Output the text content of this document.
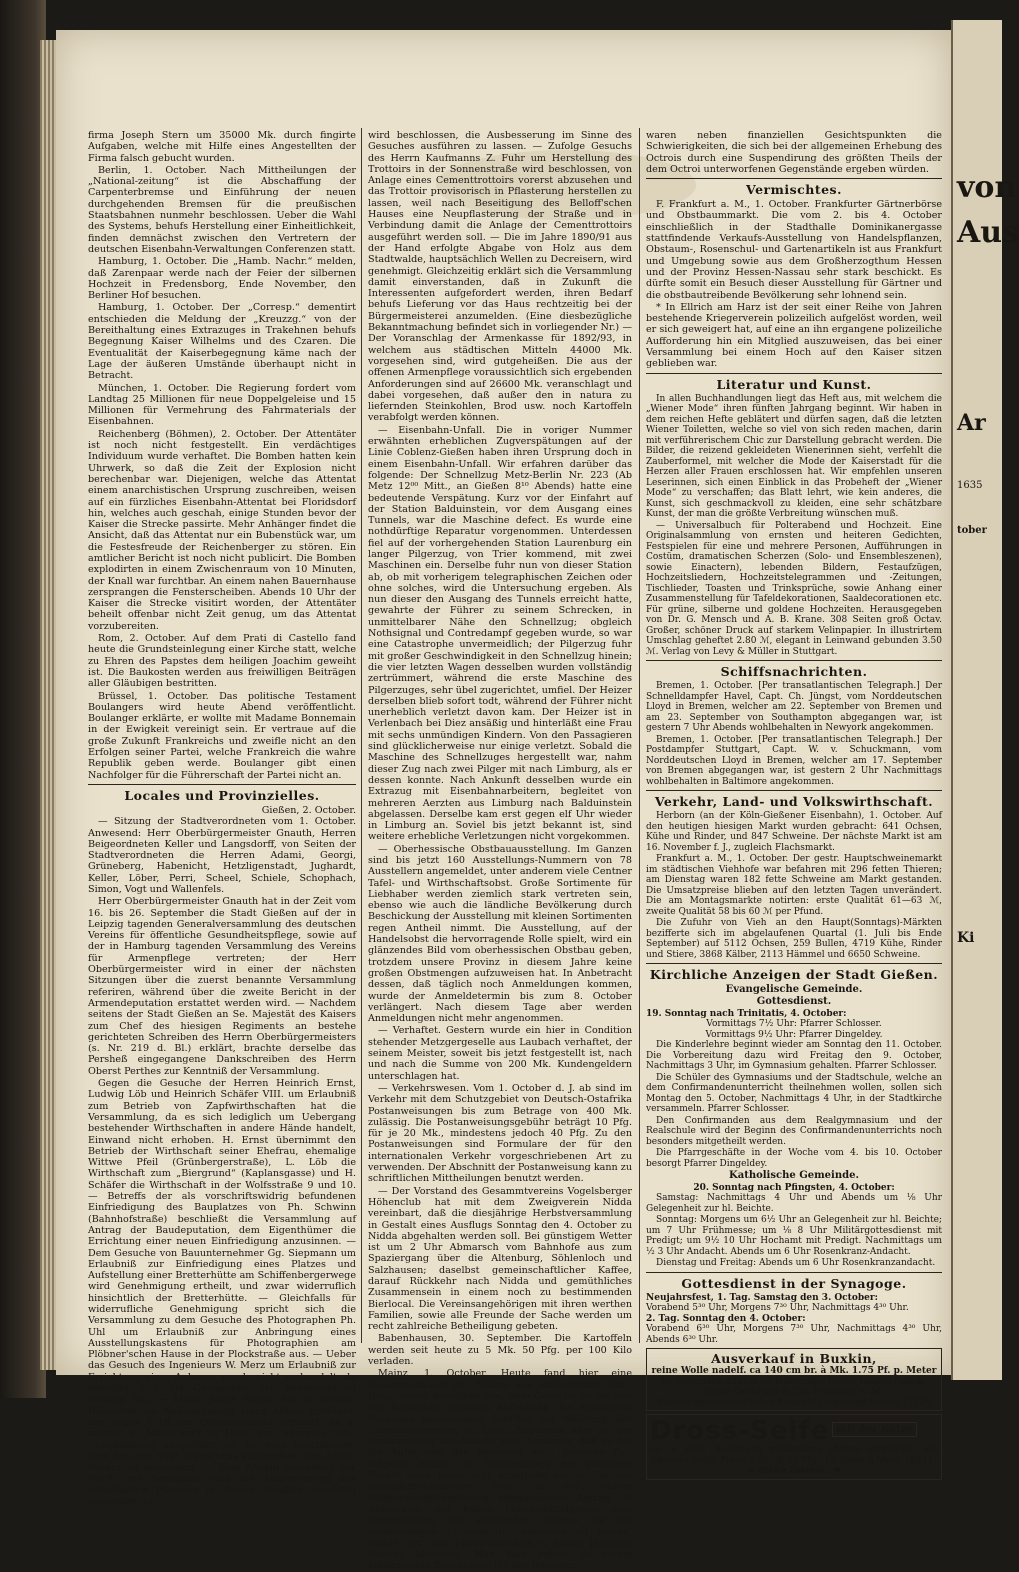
firma Joseph Stern um 35000 Mk. durch fingirte Aufgaben, welche mit Hilfe eines Angestellten der Firma falsch gebucht wurden.

Berlin, 1. October. Nach Mittheilungen der „National-zeitung“ ist die Abschaffung der Carpenterbremse und Einführung der neuen durchgehenden Bremsen für die preußischen Staatsbahnen nunmehr beschlossen. Ueber die Wahl des Systems, behufs Herstellung einer Einheitlichkeit, finden demnächst zwischen den Vertretern der deutschen Eisenbahn-Verwaltungen Conferenzen statt.

Hamburg, 1. October. Die „Hamb. Nachr.“ melden, daß Zarenpaar werde nach der Feier der silbernen Hochzeit in Fredensborg, Ende November, den Berliner Hof besuchen.

Hamburg, 1. October. Der „Corresp.“ dementirt entschieden die Meldung der „Kreuzzg.“ von der Bereithaltung eines Extrazuges in Trakehnen behufs Begegnung Kaiser Wilhelms und des Czaren. Die Eventualität der Kaiserbegegnung käme nach der Lage der äußeren Umstände überhaupt nicht in Betracht.

München, 1. October. Die Regierung fordert vom Landtag 25 Millionen für neue Doppelgeleise und 15 Millionen für Vermehrung des Fahrmaterials der Eisenbahnen.

Reichenberg (Böhmen), 2. October. Der Attentäter ist noch nicht festgestellt. Ein verdächtiges Individuum wurde verhaftet. Die Bomben hatten kein Uhrwerk, so daß die Zeit der Explosion nicht berechenbar war. Diejenigen, welche das Attentat einem anarchistischen Ursprung zuschreiben, weisen auf ein fürzliches Eisenbahn-Attentat bei Floridsdorf hin, welches auch geschah, einige Stunden bevor der Kaiser die Strecke passirte. Mehr Anhänger findet die Ansicht, daß das Attentat nur ein Bubenstück war, um die Festesfreude der Reichenberger zu stören. Ein amtlicher Bericht ist noch nicht publicirt. Die Bomben explodirten in einem Zwischenraum von 10 Minuten, der Knall war furchtbar. An einem nahen Bauernhause zersprangen die Fensterscheiben. Abends 10 Uhr der Kaiser die Strecke visitirt worden, der Attentäter beheilt offenbar nicht Zeit genug, um das Attentat vorzubereiten.

Rom, 2. October. Auf dem Prati di Castello fand heute die Grundsteinlegung einer Kirche statt, welche zu Ehren des Papstes dem heiligen Joachim geweiht ist. Die Baukosten werden aus freiwilligen Beiträgen aller Gläubigen bestritten.

Brüssel, 1. October. Das politische Testament Boulangers wird heute Abend veröffentlicht. Boulanger erklärte, er wollte mit Madame Bonnemain in der Ewigkeit vereinigt sein. Er vertraue auf die große Zukunft Frankreichs und zweifle nicht an den Erfolgen seiner Partei, welche Frankreich die wahre Republik geben werde. Boulanger gibt einen Nachfolger für die Führerschaft der Partei nicht an.

Locales und Provinzielles.
Gießen, 2. October.

— Sitzung der Stadtverordneten vom 1. October. Anwesend: Herr Oberbürgermeister Gnauth, Herren Beigeordneten Keller und Langsdorff, von Seiten der Stadtverordneten die Herren Adami, Georgi, Grüneberg, Habenicht, Hetzligenstadt, Jughardt, Keller, Löber, Perri, Scheel, Schiele, Schophach, Simon, Vogt und Wallenfels.

Herr Oberbürgermeister Gnauth hat in der Zeit vom 16. bis 26. September die Stadt Gießen auf der in Leipzig tagenden Generalversammlung des deutschen Vereins für öffentliche Gesundheitspflege, sowie auf der in Hamburg tagenden Versammlung des Vereins für Armenpflege vertreten; der Herr Oberbürgermeister wird in einer der nächsten Sitzungen über die zuerst benannte Versammlung referiren, während über die zweite Bericht in der Armendeputation erstattet werden wird. — Nachdem seitens der Stadt Gießen an Se. Majestät des Kaisers zum Chef des hiesigen Regiments an bestehe gerichteten Schreiben des Herrn Oberbürgermeisters (s. Nr. 219 d. Bl.) erklärt, brachte derselbe das Persheß eingegangene Dankschreiben des Herrn Oberst Perthes zur Kenntniß der Versammlung.

Gegen die Gesuche der Herren Heinrich Ernst, Ludwig Löb und Heinrich Schäfer VIII. um Erlaubniß zum Betrieb von Zapfwirthschaften hat die Versammlung, da es sich lediglich um Uebergang bestehender Wirthschaften in andere Hände handelt, Einwand nicht erhoben. H. Ernst übernimmt den Betrieb der Wirthschaft seiner Ehefrau, ehemalige Wittwe Pfeil (Grünbergerstraße), L. Löb die Wirthschaft zum „Biergrund“ (Kaplansgasse) und H. Schäfer die Wirthschaft in der Wolfsstraße 9 und 10. — Betreffs der als vorschriftswidrig befundenen Einfriedigung des Bauplatzes von Ph. Schwinn (Bahnhofstraße) beschließt die Versammlung auf Antrag der Baudeputation, dem Eigenthümer die Errichtung einer neuen Einfriedigung anzusinnen. — Dem Gesuche von Bauunternehmer Gg. Siepmann um Erlaubniß zur Einfriedigung eines Platzes und Aufstellung einer Bretterhütte am Schiffenbergerwege wird Genehmigung ertheilt, und zwar widerruflich hinsichtlich der Bretterhütte. — Gleichfalls für widerrufliche Genehmigung spricht sich die Versammlung zu dem Gesuche des Photographen Ph. Uhl um Erlaubniß zur Anbringung eines Ausstellungskastens für Photographien am Plöbner'schen Hause in der Plockstraße aus. — Ueber das Gesuch des Ingenieurs W. Merz um Erlaubniß zur Errichtung eines Anbaues wurde nicht verhandelt, da dasselbe sich als Competenz der Baudeputation erledigt hat. — Maler Julius Bogler hat an seinem Häuschen am Nahrungsberg einen Anbau errichtet, der gegen § 16 des Ortsbaustatuts verstößt, da h. aufzert in Mauerwerk in Holz, und überdies ohne Genehmigung ausgeführt ist. Es wird beschlossen, dem Besitzer frägl. Häuschens aufzugeben, den Anbau wieder zu beseitigen. — Eine Anzahl Bewohner der Nord- und Sandgasse sind um Ausbesserung des schadhaften Pflasters in diesen Straßen vorstellig geworden; es

wird beschlossen, die Ausbesserung im Sinne des Gesuches ausführen zu lassen. — Zufolge Gesuchs des Herrn Kaufmanns Z. Fuhr um Herstellung des Trottoirs in der Sonnenstraße wird beschlossen, von Anlage eines Cementtrottoirs vorerst abzusehen und das Trottoir provisorisch in Pflasterung herstellen zu lassen, weil nach Beseitigung des Belloff'schen Hauses eine Neupflasterung der Straße und in Verbindung damit die Anlage der Cementtrottoirs ausgeführt werden soll. — Die im Jahre 1890/91 aus der Hand erfolgte Abgabe von Holz aus dem Stadtwalde, hauptsächlich Wellen zu Decreisern, wird genehmigt. Gleichzeitig erklärt sich die Versammlung damit einverstanden, daß in Zukunft die Interessenten aufgefordert werden, ihren Bedarf behufs Lieferung vor das Haus rechtzeitig bei der Bürgermeisterei anzumelden. (Eine diesbezügliche Bekanntmachung befindet sich in vorliegender Nr.) — Der Voranschlag der Armenkasse für 1892/93, in welchem aus städtischen Mitteln 44000 Mk. vorgesehen sind, wird gutgeheißen. Die aus der offenen Armenpflege voraussichtlich sich ergebenden Anforderungen sind auf 26600 Mk. veranschlagt und dabei vorgesehen, daß außer den in natura zu liefernden Steinkohlen, Brod usw. noch Kartoffeln verabfolgt werden können.

— Eisenbahn-Unfall. Die in voriger Nummer erwähnten erheblichen Zugverspätungen auf der Linie Coblenz-Gießen haben ihren Ursprung doch in einem Eisenbahn-Unfall. Wir erfahren darüber das folgende: Der Schnellzug Metz-Berlin Nr. 223 (Ab Metz 12⁰⁰ Mitt., an Gießen 8¹⁰ Abends) hatte eine bedeutende Verspätung. Kurz vor der Einfahrt auf der Station Balduinstein, vor dem Ausgang eines Tunnels, war die Maschine defect. Es wurde eine nothdürftige Reparatur vorgenommen. Unterdessen fiel auf der vorhergehenden Station Laurenburg ein langer Pilgerzug, von Trier kommend, mit zwei Maschinen ein. Derselbe fuhr nun von dieser Station ab, ob mit vorherigem telegraphischen Zeichen oder ohne solches, wird die Untersuchung ergeben. Als nun dieser den Ausgang des Tunnels erreicht hatte, gewahrte der Führer zu seinem Schrecken, in unmittelbarer Nähe den Schnellzug; obgleich Nothsignal und Contredampf gegeben wurde, so war eine Catastrophe unvermeidlich; der Pilgerzug fuhr mit großer Geschwindigkeit in den Schnellzug hinein; die vier letzten Wagen desselben wurden vollständig zertrümmert, während die erste Maschine des Pilgerzuges, sehr übel zugerichtet, umfiel. Der Heizer derselben blieb sofort todt, während der Führer nicht unerheblich verletzt davon kam. Der Heizer ist in Verlenbach bei Diez ansäßig und hinterläßt eine Frau mit sechs unmündigen Kindern. Von den Passagieren sind glücklicherweise nur einige verletzt. Sobald die Maschine des Schnellzuges hergestellt war, nahm dieser Zug nach zwei Pilger mit nach Limburg, als er dessen konnte. Nach Ankunft desselben wurde ein Extrazug mit Eisenbahnarbeitern, begleitet von mehreren Aerzten aus Limburg nach Balduinstein abgelassen. Derselbe kam erst gegen elf Uhr wieder in Limburg an. Soviel bis jetzt bekannt ist, sind weitere erhebliche Verletzungen nicht vorgekommen.

— Oberhessische Obstbauausstellung. Im Ganzen sind bis jetzt 160 Ausstellungs-Nummern von 78 Ausstellern angemeldet, unter anderem viele Centner Tafel- und Wirthschaftsobst. Große Sortimente für Liebhaber werden ziemlich stark vertreten sein, ebenso wie auch die ländliche Bevölkerung durch Beschickung der Ausstellung mit kleinen Sortimenten regen Antheil nimmt. Die Ausstellung, auf der Handelsobst die hervorragende Rolle spielt, wird ein glänzendes Bild vom oberhessischen Obstbau geben, trotzdem unsere Provinz in diesem Jahre keine großen Obstmengen aufzuweisen hat. In Anbetracht dessen, daß täglich noch Anmeldungen kommen, wurde der Anmeldetermin bis zum 8. October verlängert. Nach diesem Tage aber werden Anmeldungen nicht mehr angenommen.

— Verhaftet. Gestern wurde ein hier in Condition stehender Metzgergeselle aus Laubach verhaftet, der seinem Meister, soweit bis jetzt festgestellt ist, nach und nach die Summe von 200 Mk. Kundengeldern unterschlagen hat.

— Verkehrswesen. Vom 1. October d. J. ab sind im Verkehr mit dem Schutzgebiet von Deutsch-Ostafrika Postanweisungen bis zum Betrage von 400 Mk. zulässig. Die Postanweisungsgebühr beträgt 10 Pfg. für je 20 Mk., mindestens jedoch 40 Pfg. Zu den Postanweisungen sind Formulare der für den internationalen Verkehr vorgeschriebenen Art zu verwenden. Der Abschnitt der Postanweisung kann zu schriftlichen Mittheilungen benutzt werden.

— Der Vorstand des Gesammtvereins Vogelsberger Höhenclub hat mit dem Zweigverein Nidda vereinbart, daß die diesjährige Herbstversammlung in Gestalt eines Ausflugs Sonntag den 4. October zu Nidda abgehalten werden soll. Bei günstigem Wetter ist um 2 Uhr Abmarsch vom Bahnhofe aus zum Spaziergang über die Altenburg, Söhlenloch und Salzhausen; daselbst gemeinschaftlicher Kaffee, darauf Rückkehr nach Nidda und gemüthliches Zusammensein in einem noch zu bestimmenden Bierlocal. Die Vereinsangehörigen mit ihren werthen Familien, sowie alle Freunde der Sache werden um recht zahlreiche Betheiligung gebeten.

Babenhausen, 30. September. Die Kartoffeln werden seit heute zu 5 Mk. 50 Pfg. per 100 Kilo verladen.

Mainz, 1. October. Heute fand hier eine Zusammenkunft der Notare von Rheinhessen statt. Hauptzweck derselben war, dem Gesuche an die von der Regierung geplante Aufhebung des hessischen Notariats gemeinsame Schritte zur Wahrung der Standesinteressen zu thun. Allgemein kam in der Versammlung die Ansicht zum Ausdruck, daß es für die Aufhebung des Notariats noch geraume Zeit hingehe, mithin die Existenzfrage der einzelnen Notare noch keine sehr dringliche sei. — Ein von socialdemokratischer Seite in der letzten Stadtverordnetensitzung eingebrachter Antrag, in Anbetracht der hohen Lebensmittelpreise eine Suspendirung des städtischen Octrois auf die nothwendigen Lebensmittel eintreten zu lassen, wurde von dem Finanzausschuß in seiner jüngsten Sitzung berathen. Man kam jedoch zu einem ablehnenden Beschlusse; für den letzteren

waren neben finanziellen Gesichtspunkten die Schwierigkeiten, die sich bei der allgemeinen Erhebung des Octrois durch eine Suspendirung des größten Theils der dem Octroi unterworfenen Gegenstände ergeben würden.

Vermischtes.

F. Frankfurt a. M., 1. October. Frankfurter Gärtnerbörse und Obstbaummarkt. Die vom 2. bis 4. October einschließlich in der Stadthalle Dominikanergasse stattfindende Verkaufs-Ausstellung von Handelspflanzen, Obstaum-, Rosenschul- und Gartenartikeln ist aus Frankfurt und Umgebung sowie aus dem Großherzogthum Hessen und der Provinz Hessen-Nassau sehr stark beschickt. Es dürfte somit ein Besuch dieser Ausstellung für Gärtner und die obstbautreibende Bevölkerung sehr lohnend sein.

* In Ellrich am Harz ist der seit einer Reihe von Jahren bestehende Kriegerverein polizeilich aufgelöst worden, weil er sich geweigert hat, auf eine an ihn ergangene polizeiliche Aufforderung hin ein Mitglied auszuweisen, das bei einer Versammlung bei einem Hoch auf den Kaiser sitzen geblieben war.

Literatur und Kunst.

In allen Buchhandlungen liegt das Heft aus, mit welchem die „Wiener Mode“ ihren fünften Jahrgang beginnt. Wir haben in dem reichen Hefte geblätert und dürfen sagen, daß die letzten Wiener Toiletten, welche so viel von sich reden machen, darin mit verführerischem Chic zur Darstellung gebracht werden. Die Bilder, die reizend gekleideten Wienerinnen sieht, verfehlt die Zauberformel, mit welcher die Mode der Kaiserstadt für die Herzen aller Frauen erschlossen hat. Wir empfehlen unseren Leserinnen, sich einen Einblick in das Probeheft der „Wiener Mode“ zu verschaffen; das Blatt lehrt, wie kein anderes, die Kunst, sich geschmackvoll zu kleiden, eine sehr schätzbare Kunst, der man die größte Verbreitung wünschen muß.

— Universalbuch für Polterabend und Hochzeit. Eine Originalsammlung von ernsten und heiteren Gedichten, Festspielen für eine und mehrere Personen, Aufführungen in Costüm, dramatischen Scherzen (Solo- und Ensembleszenen), sowie Einactern), lebenden Bildern, Festaufzügen, Hochzeitsliedern, Hochzeitstelegrammen und -Zeitungen, Tischlieder, Toasten und Trinksprüche, sowie Anhang einer Zusammenstellung für Tafeldekorationen, Saaldecorationen etc. Für grüne, silberne und goldene Hochzeiten. Herausgegeben von Dr. G. Mensch und A. B. Krane. 308 Seiten groß Octav. Großer, schöner Druck auf starkem Velinpapier. In illustrirtem Umschlag geheftet 2.80 ℳ, elegant in Leinwand gebunden 3.50 ℳ. Verlag von Levy & Müller in Stuttgart.

Schiffsnachrichten.

Bremen, 1. October. [Per transatlantischen Telegraph.] Der Schnelldampfer Havel, Capt. Ch. Jüngst, vom Norddeutschen Lloyd in Bremen, welcher am 22. September von Bremen und am 23. September von Southampton abgegangen war, ist gestern 7 Uhr Abends wohlbehalten in Newyork angekommen.

Bremen, 1. October. [Per transatlantischen Telegraph.] Der Postdampfer Stuttgart, Capt. W. v. Schuckmann, vom Norddeutschen Lloyd in Bremen, welcher am 17. September von Bremen abgegangen war, ist gestern 2 Uhr Nachmittags wohlbehalten in Baltimore angekommen.

Verkehr, Land- und Volkswirthschaft.

Herborn (an der Köln-Gießener Eisenbahn), 1. October. Auf den heutigen hiesigen Markt wurden gebracht: 641 Ochsen, Kühe und Rinder, und 847 Schweine. Der nächste Markt ist am 16. November f. J., zugleich Flachsmarkt.

Frankfurt a. M., 1. October. Der gestr. Hauptschweinemarkt im städtischen Viehhofe war befahren mit 296 fetten Thieren; am Dienstag waren 182 fette Schweine am Markt gestanden. Die Umsatzpreise blieben auf den letzten Tagen unverändert. Die am Montagsmarkte notirten: erste Qualität 61—63 ℳ, zweite Qualität 58 bis 60 ℳ per Pfund.

Die Zufuhr von Vieh an den Haupt(Sonntags)-Märkten bezifferte sich im abgelaufenen Quartal (1. Juli bis Ende September) auf 5112 Ochsen, 259 Bullen, 4719 Kühe, Rinder und Stiere, 3868 Kälber, 2113 Hämmel und 6650 Schweine.

Kirchliche Anzeigen der Stadt Gießen.
Evangelische Gemeinde.
Gottesdienst.
19. Sonntag nach Trinitatis, 4. October:
Vormittags 7½ Uhr: Pfarrer Schlosser.
Vormittags 9½ Uhr: Pfarrer Dingeldey.

Die Kinderlehre beginnt wieder am Sonntag den 11. October. Die Vorbereitung dazu wird Freitag den 9. October, Nachmittags 3 Uhr, im Gymnasium gehalten. Pfarrer Schlosser.

Die Schüler des Gymnasiums und der Stadtschule, welche an dem Confirmandenunterricht theilnehmen wollen, sollen sich Montag den 5. October, Nachmittags 4 Uhr, in der Stadtkirche versammeln. Pfarrer Schlosser.

Den Confirmanden aus dem Realgymnasium und der Realschule wird der Beginn des Confirmandenunterrichts noch besonders mitgetheilt werden.

Die Pfarrgeschäfte in der Woche vom 4. bis 10. October besorgt Pfarrer Dingeldey.

Katholische Gemeinde.
20. Sonntag nach Pfingsten, 4. October:

Samstag: Nachmittags 4 Uhr und Abends um ⅛ Uhr Gelegenheit zur hl. Beichte.

Sonntag: Morgens um 6½ Uhr an Gelegenheit zur hl. Beichte; um 7 Uhr Frühmesse; um ⅛ 8 Uhr Militärgottesdienst mit Predigt; um 9½ 10 Uhr Hochamt mit Predigt. Nachmittags um ½ 3 Uhr Andacht. Abends um 6 Uhr Rosenkranz-Andacht.

Dienstag und Freitag: Abends um 6 Uhr Rosenkranzandacht.

Gottesdienst in der Synagoge.
Neujahrsfest, 1. Tag. Samstag den 3. October:
Vorabend 5³⁰ Uhr, Morgens 7³⁰ Uhr, Nachmittags 4³⁰ Uhr.
2. Tag. Sonntag den 4. October:
Vorabend 6³⁰ Uhr, Morgens 7³⁰ Uhr, Nachmittags 4³⁰ Uhr, Abends 6³⁰ Uhr.
Ausverkauf in Buxkin,
reine Wolle nadelf. ca 140 cm br. à Mk. 1.75 Pf. p. Meter
ca versenden directe an Jedermann Erstes Buxkin-Fabrik-Dépôt Oettinger & Co., Frankfurt a. M.
Muster unserer reichsten Auswahl umgehend franco. [7125
Dross-Seife mit der Katze
ist in jeder Beziehung mindestens ebenso vorzüglich wie Döring's Seife. Preis: 1 Stück 30 Pfg., 12 Stück 3 Mark. [8214
☛ Siehe Inserat. ☚
von
Aus
Ar
1635
tober
Ki
